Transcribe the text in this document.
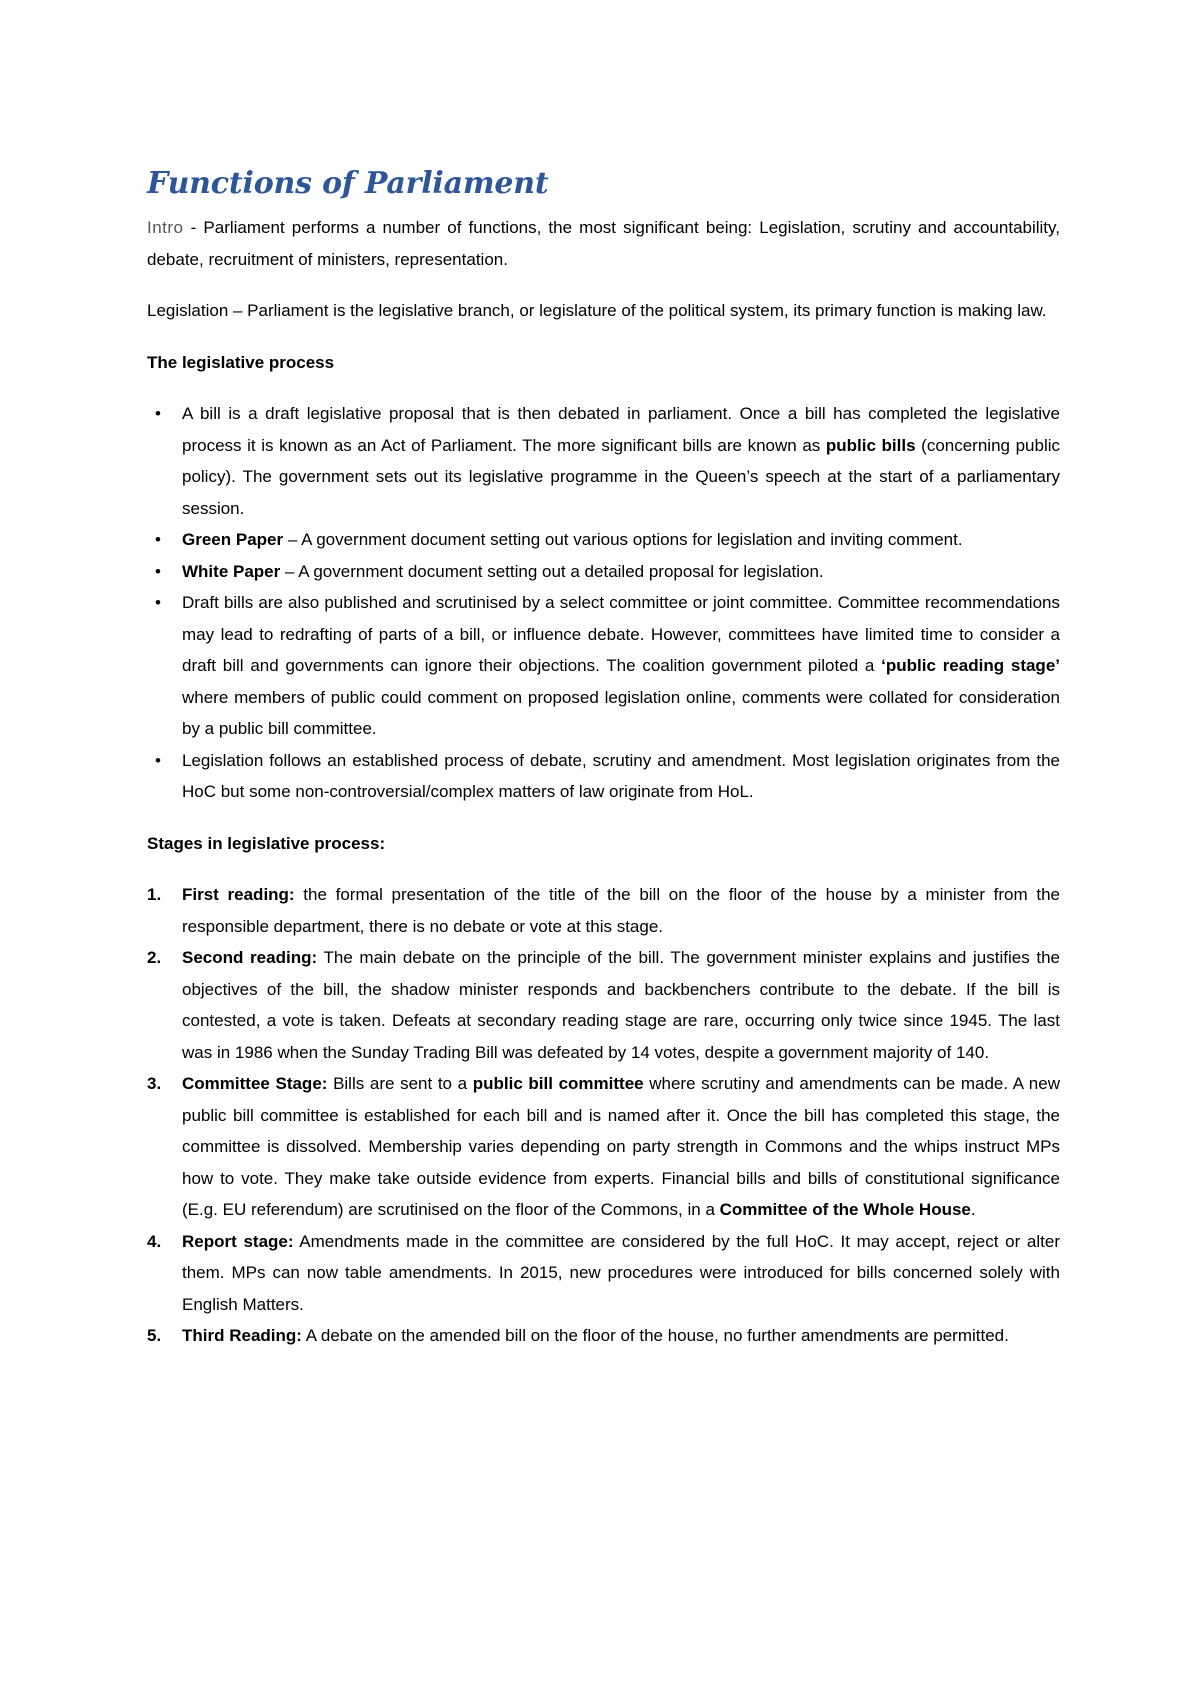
Functions of Parliament

Intro - Parliament performs a number of functions, the most significant being: Legislation, scrutiny and accountability, debate, recruitment of ministers, representation.

Legislation – Parliament is the legislative branch, or legislature of the political system, its primary function is making law.

The legislative process

• A bill is a draft legislative proposal that is then debated in parliament. Once a bill has completed the legislative process it is known as an Act of Parliament. The more significant bills are known as public bills (concerning public policy). The government sets out its legislative programme in the Queen’s speech at the start of a parliamentary session.
• Green Paper – A government document setting out various options for legislation and inviting comment.
• White Paper – A government document setting out a detailed proposal for legislation.
• Draft bills are also published and scrutinised by a select committee or joint committee. Committee recommendations may lead to redrafting of parts of a bill, or influence debate. However, committees have limited time to consider a draft bill and governments can ignore their objections. The coalition government piloted a ‘public reading stage’ where members of public could comment on proposed legislation online, comments were collated for consideration by a public bill committee.
• Legislation follows an established process of debate, scrutiny and amendment. Most legislation originates from the HoC but some non-controversial/complex matters of law originate from HoL.

Stages in legislative process:

1. First reading: the formal presentation of the title of the bill on the floor of the house by a minister from the responsible department, there is no debate or vote at this stage.
2. Second reading: The main debate on the principle of the bill. The government minister explains and justifies the objectives of the bill, the shadow minister responds and backbenchers contribute to the debate. If the bill is contested, a vote is taken. Defeats at secondary reading stage are rare, occurring only twice since 1945. The last was in 1986 when the Sunday Trading Bill was defeated by 14 votes, despite a government majority of 140.
3. Committee Stage: Bills are sent to a public bill committee where scrutiny and amendments can be made. A new public bill committee is established for each bill and is named after it. Once the bill has completed this stage, the committee is dissolved. Membership varies depending on party strength in Commons and the whips instruct MPs how to vote. They make take outside evidence from experts. Financial bills and bills of constitutional significance (E.g. EU referendum) are scrutinised on the floor of the Commons, in a Committee of the Whole House.
4. Report stage: Amendments made in the committee are considered by the full HoC. It may accept, reject or alter them. MPs can now table amendments. In 2015, new procedures were introduced for bills concerned solely with English Matters.
5. Third Reading: A debate on the amended bill on the floor of the house, no further amendments are permitted.
